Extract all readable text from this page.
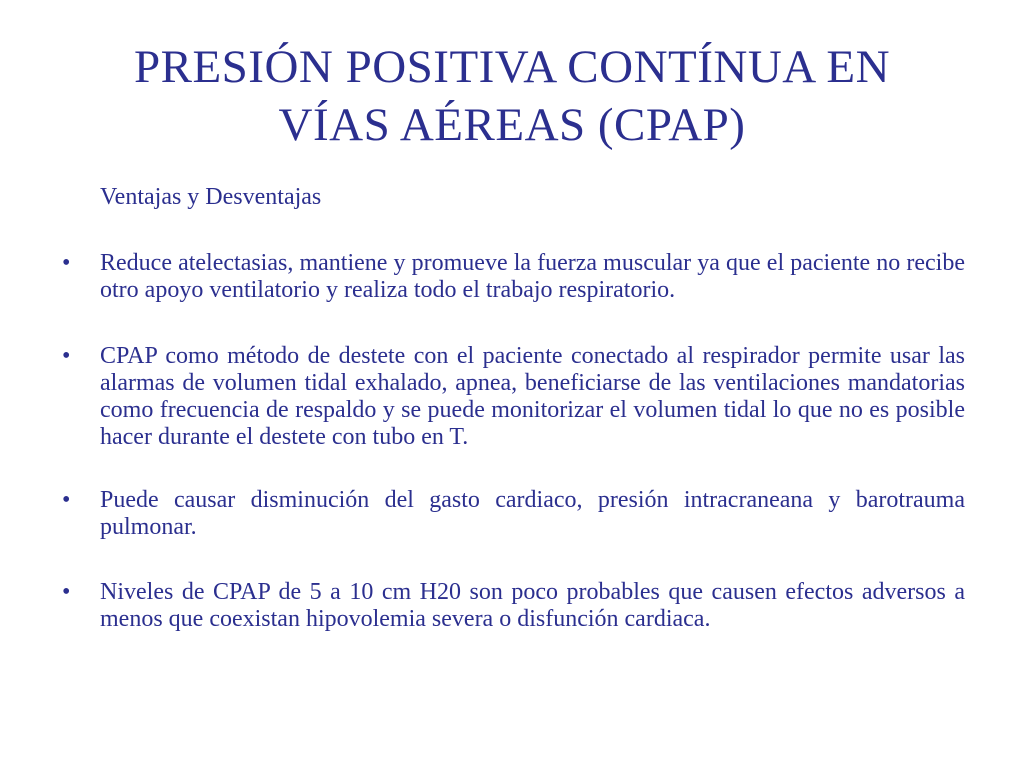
PRESIÓN POSITIVA CONTÍNUA EN
VÍAS AÉREAS (CPAP)
Ventajas y Desventajas
• Reduce atelectasias, mantiene y promueve la fuerza muscular ya que el paciente no recibe otro apoyo ventilatorio y realiza todo el trabajo respiratorio.
• CPAP como método de destete con el paciente conectado al respirador permite usar las alarmas de volumen tidal exhalado, apnea, beneficiarse de las ventilaciones mandatorias como frecuencia de respaldo y se puede monitorizar el volumen tidal lo que no es posible hacer durante el destete con tubo en T.
• Puede causar disminución del gasto cardiaco, presión intracraneana y barotrauma pulmonar.
• Niveles de CPAP de 5 a 10 cm H20 son poco probables que causen efectos adversos a menos que coexistan hipovolemia severa o disfunción cardiaca.
